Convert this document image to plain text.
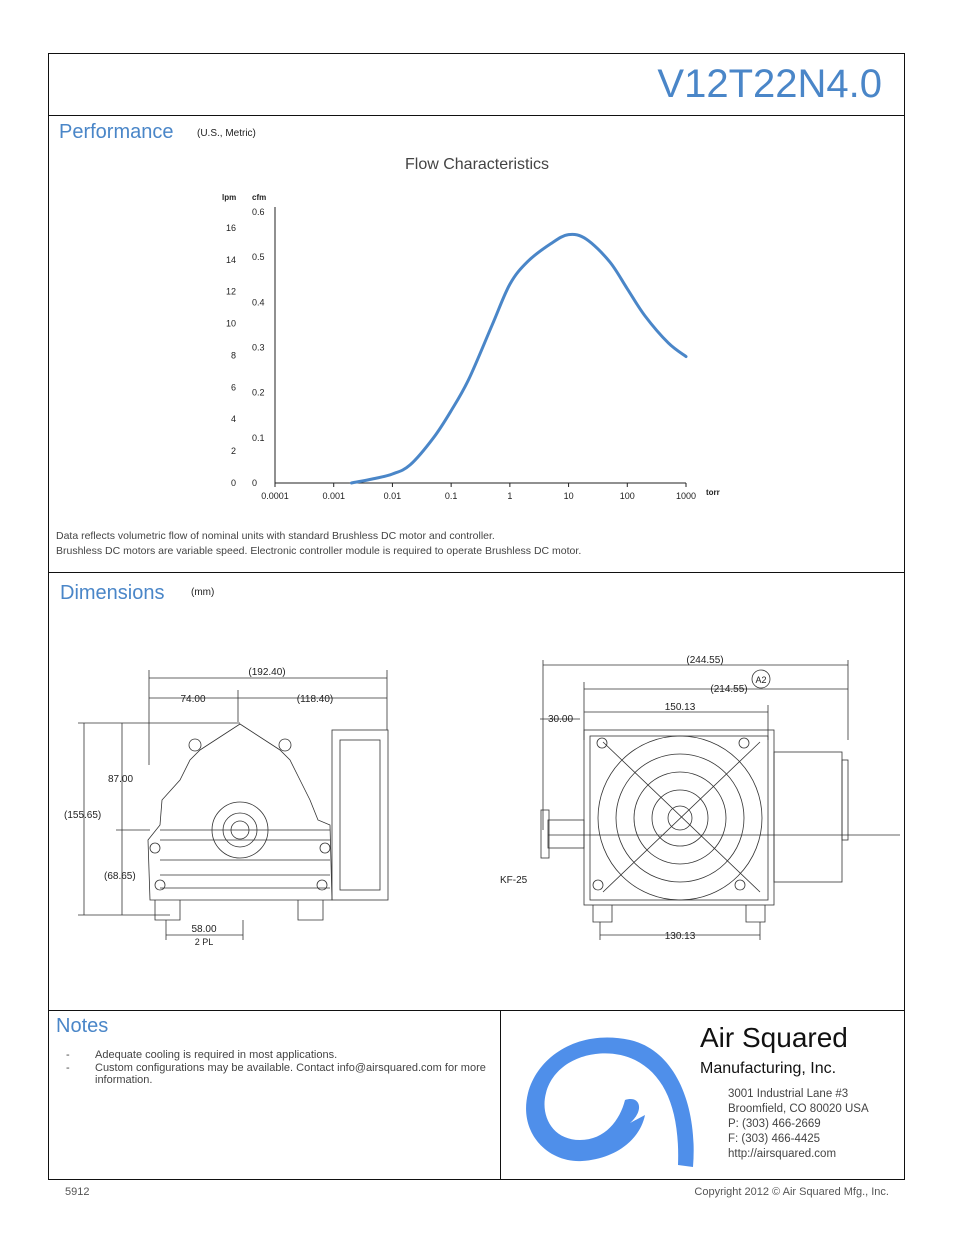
V12T22N4.0
Performance (U.S., Metric)
Flow Characteristics
0.0001	0.001	0.01	0.1	1	10	100	1000
0
0.1
0.2
0.3
0.4
0.5
0.6
0
2
4
6
8
10
12
14
16
lpm cfm
torr
Data reflects volumetric flow of nominal units with standard Brushless DC motor and controller.
Brushless DC motors are variable speed. Electronic controller module is required to operate Brushless DC motor.
Dimensions	(mm)
(192.40)
74.00	(118.40)
87.00
(155.65)
(68.65)
58.00
2 PL
(244.55)
(214.55)
A2
150.13
30.00
KF-25
130.13
Notes
-	Adequate cooling is required in most applications.
-	Custom configurations may be available. Contact info@airsquared.com for more information.
Air Squared
Manufacturing, Inc.
3001 Industrial Lane #3
Broomfield, CO 80020 USA
P: (303) 466-2669
F: (303) 466-4425
http://airsquared.com
5912	Copyright 2012 © Air Squared Mfg., Inc.
